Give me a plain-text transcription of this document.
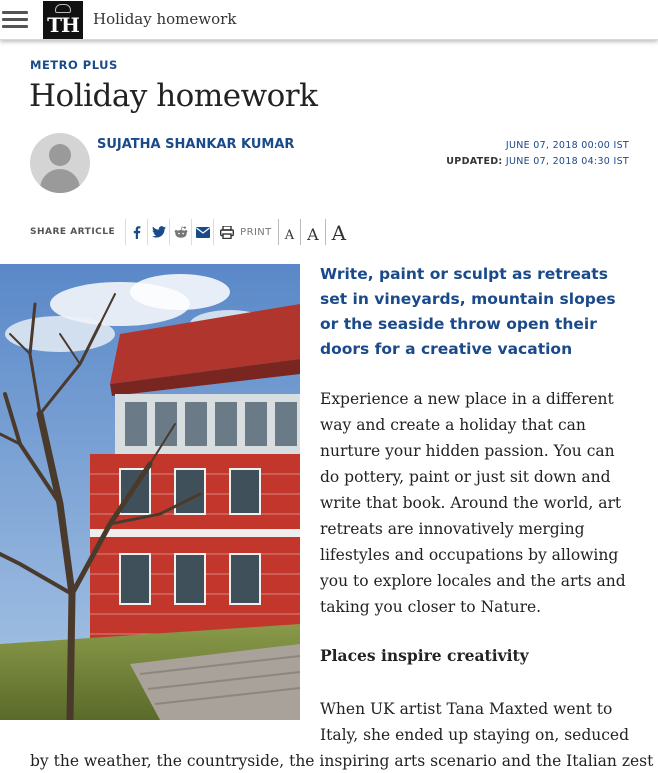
TH Holiday homework
METRO PLUS
Holiday homework
SUJATHA SHANKAR KUMAR	JUNE 07, 2018 00:00 IST
UPDATED: JUNE 07, 2018 04:30 IST
SHARE ARTICLE	PRINT	A A A
Write, paint or sculpt as retreats set in vineyards, mountain slopes or the seaside throw open their doors for a creative vacation

Experience a new place in a different way and create a holiday that can nurture your hidden passion. You can do pottery, paint or just sit down and write that book. Around the world, art retreats are innovatively merging lifestyles and occupations by allowing you to explore locales and the arts and taking you closer to Nature.

Places inspire creativity

When UK artist Tana Maxted went to Italy, she ended up staying on, seduced

by the weather, the countryside, the inspiring arts scenario and the Italian zest
